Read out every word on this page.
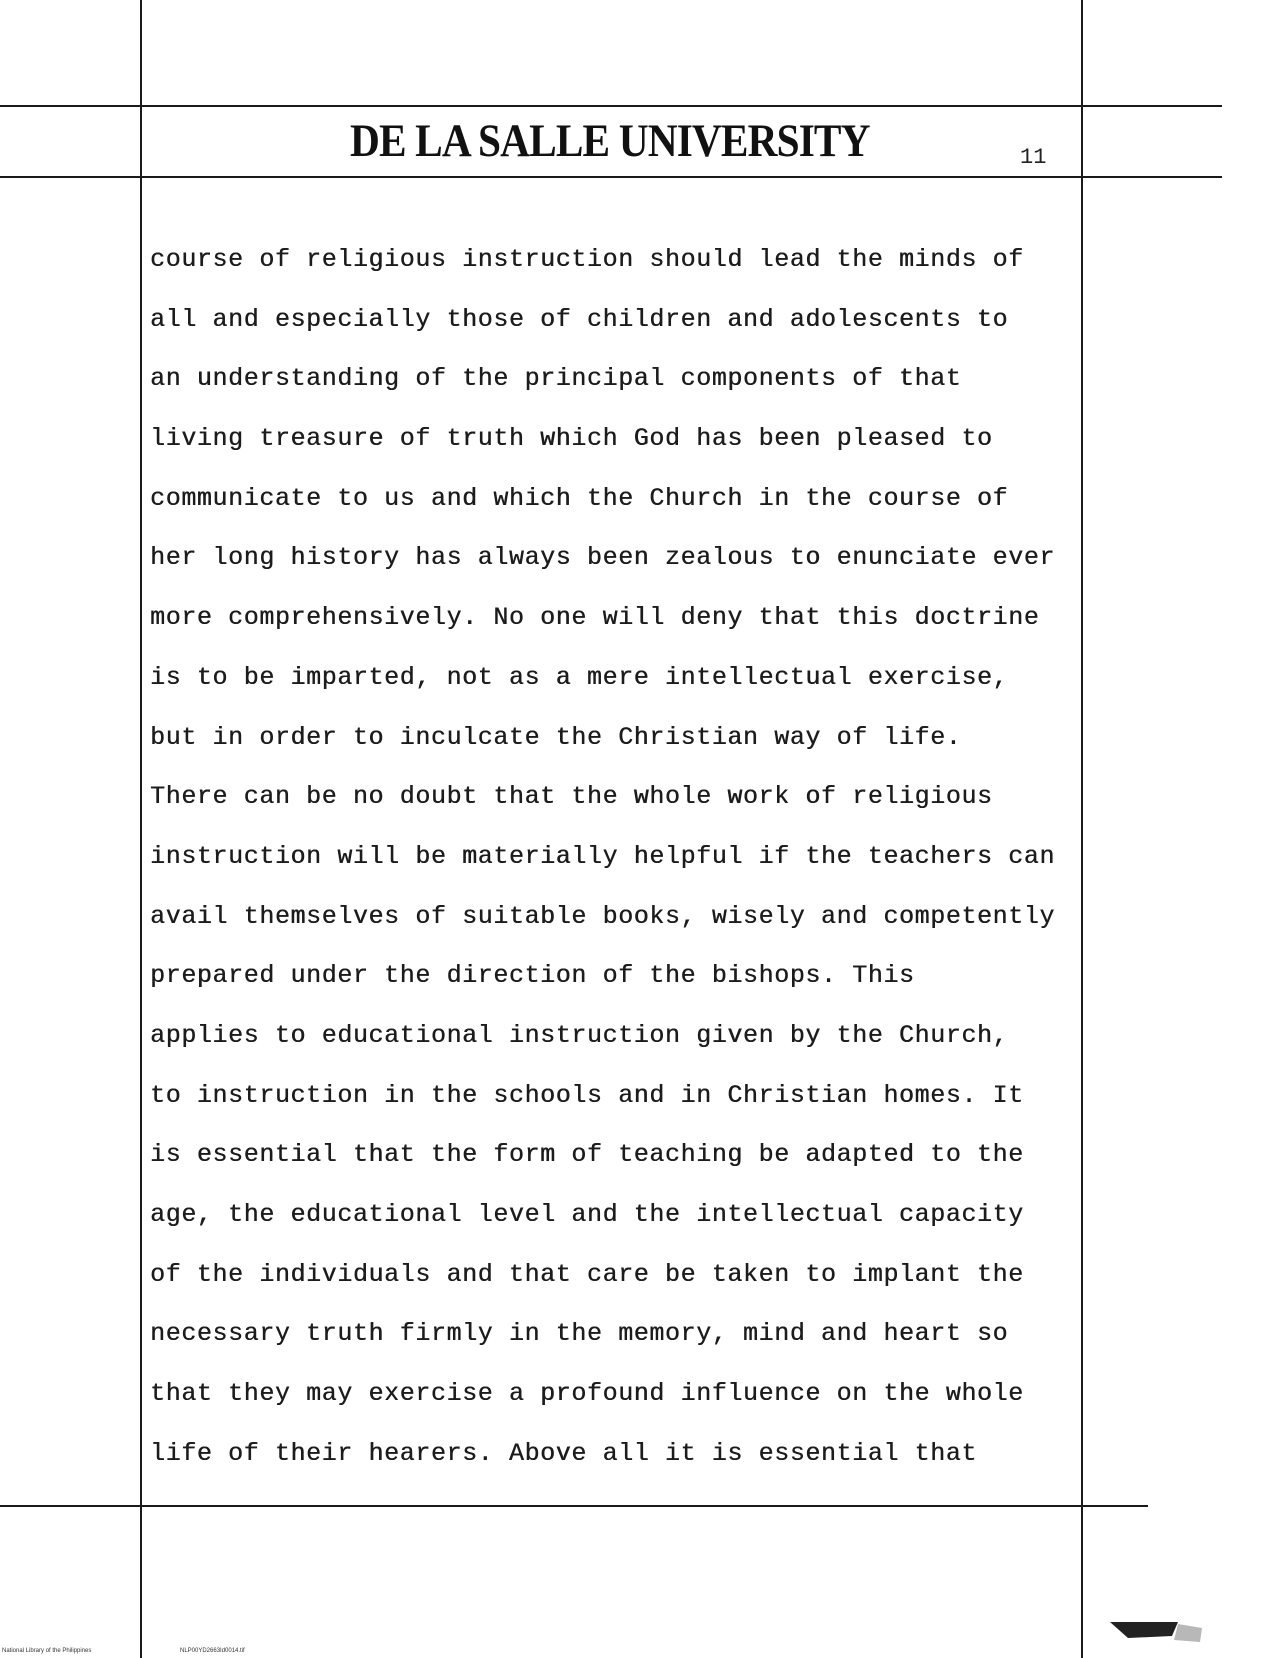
DE LA SALLE UNIVERSITY	11
course of religious instruction should lead the minds of
all and especially those of children and adolescents to
an understanding of the principal components of that
living treasure of truth which God has been pleased to
communicate to us and which the Church in the course of
her long history has always been zealous to enunciate ever
more comprehensively. No one will deny that this doctrine
is to be imparted, not as a mere intellectual exercise,
but in order to inculcate the Christian way of life.
There can be no doubt that the whole work of religious
instruction will be materially helpful if the teachers can
avail themselves of suitable books, wisely and competently
prepared under the direction of the bishops. This
applies to educational instruction given by the Church,
to instruction in the schools and in Christian homes. It
is essential that the form of teaching be adapted to the
age, the educational level and the intellectual capacity
of the individuals and that care be taken to implant the
necessary truth firmly in the memory, mind and heart so
that they may exercise a profound influence on the whole
life of their hearers. Above all it is essential that
National Library of the Philippines	NLP00YD2663Id0014.tif
